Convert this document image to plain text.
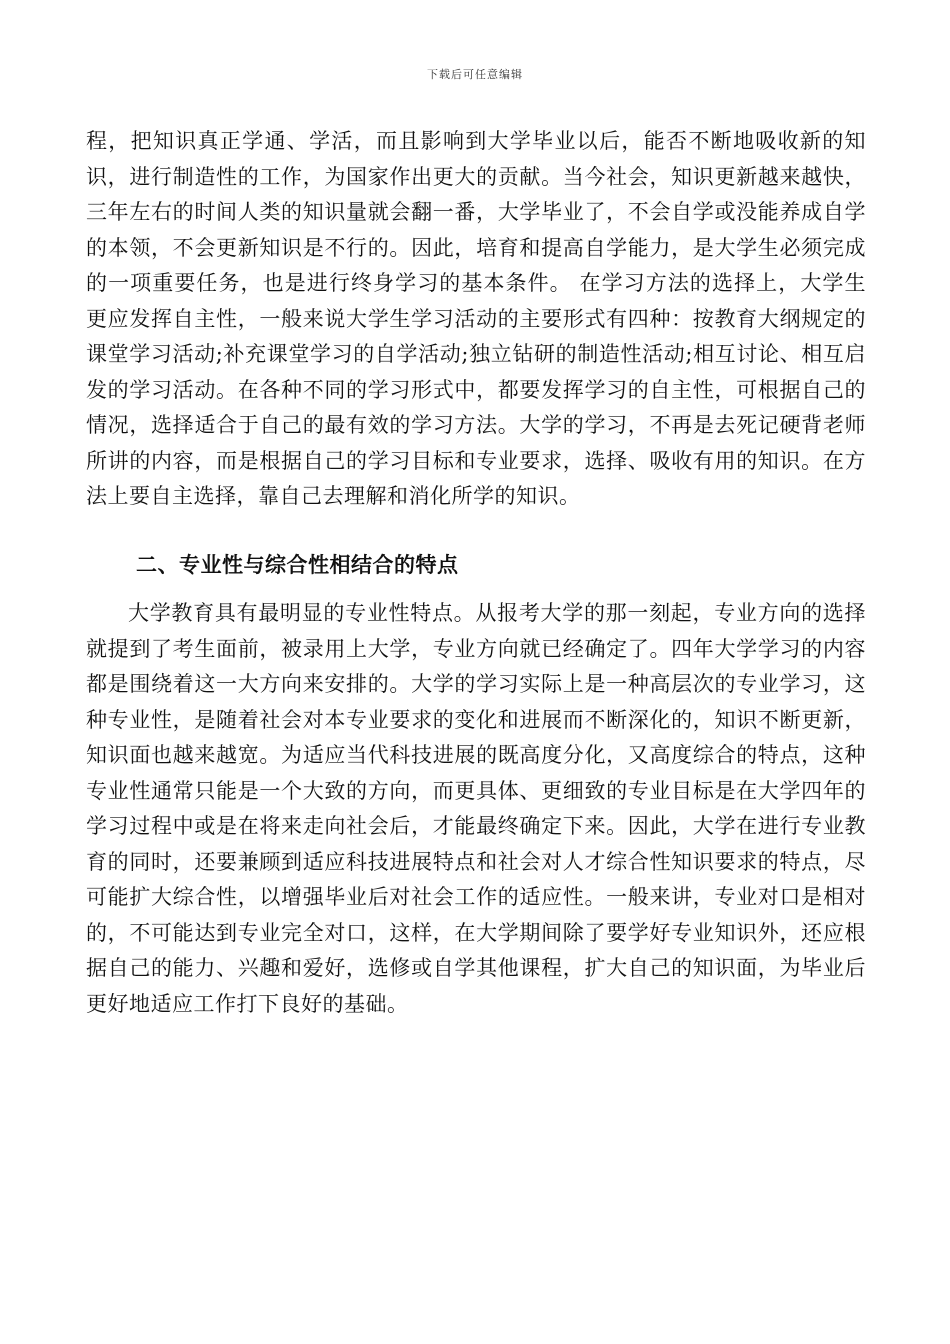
下载后可任意编辑

程，把知识真正学通、学活，而且影响到大学毕业以后，能否不断地吸收新的知识，进行制造性的工作，为国家作出更大的贡献。当今社会，知识更新越来越快，三年左右的时间人类的知识量就会翻一番，大学毕业了，不会自学或没能养成自学的本领，不会更新知识是不行的。因此，培育和提高自学能力，是大学生必须完成的一项重要任务，也是进行终身学习的基本条件。 在学习方法的选择上，大学生更应发挥自主性，一般来说大学生学习活动的主要形式有四种：按教育大纲规定的课堂学习活动;补充课堂学习的自学活动;独立钻研的制造性活动;相互讨论、相互启发的学习活动。在各种不同的学习形式中，都要发挥学习的自主性，可根据自己的情况，选择适合于自己的最有效的学习方法。大学的学习，不再是去死记硬背老师所讲的内容，而是根据自己的学习目标和专业要求，选择、吸收有用的知识。在方法上要自主选择，靠自己去理解和消化所学的知识。

二、专业性与综合性相结合的特点

大学教育具有最明显的专业性特点。从报考大学的那一刻起，专业方向的选择就提到了考生面前，被录用上大学，专业方向就已经确定了。四年大学学习的内容都是围绕着这一大方向来安排的。大学的学习实际上是一种高层次的专业学习，这种专业性，是随着社会对本专业要求的变化和进展而不断深化的，知识不断更新，知识面也越来越宽。为适应当代科技进展的既高度分化，又高度综合的特点，这种专业性通常只能是一个大致的方向，而更具体、更细致的专业目标是在大学四年的学习过程中或是在将来走向社会后，才能最终确定下来。因此，大学在进行专业教育的同时，还要兼顾到适应科技进展特点和社会对人才综合性知识要求的特点，尽可能扩大综合性，以增强毕业后对社会工作的适应性。一般来讲，专业对口是相对的，不可能达到专业完全对口，这样，在大学期间除了要学好专业知识外，还应根据自己的能力、兴趣和爱好，选修或自学其他课程，扩大自己的知识面，为毕业后更好地适应工作打下良好的基础。
